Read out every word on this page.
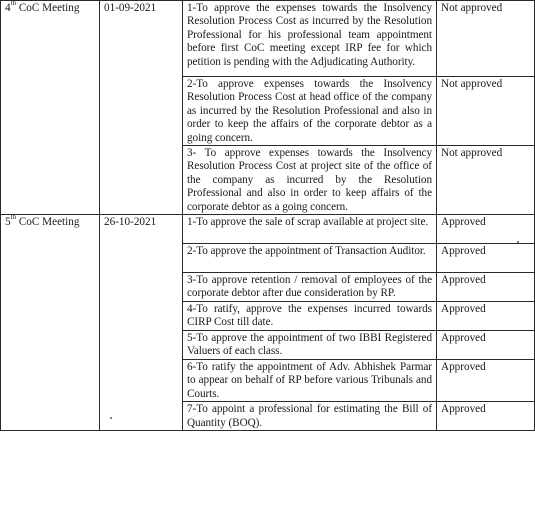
4th CoC Meeting	01-09-2021	1-To approve the expenses towards the Insolvency Resolution Process Cost as incurred by the Resolution Professional for his professional team appointment before first CoC meeting except IRP fee for which petition is pending with the Adjudicating Authority.	Not approved
		2-To approve expenses towards the Insolvency Resolution Process Cost at head office of the company as incurred by the Resolution Professional and also in order to keep the affairs of the corporate debtor as a going concern.	Not approved
		3- To approve expenses towards the Insolvency Resolution Process Cost at project site of the office of the company as incurred by the Resolution Professional and also in order to keep affairs of the corporate debtor as a going concern.	Not approved
5th CoC Meeting	26-10-2021	1-To approve the sale of scrap available at project site.	Approved
		2-To approve the appointment of Transaction Auditor.	Approved
		3-To approve retention / removal of employees of the corporate debtor after due consideration by RP.	Approved
		4-To ratify, approve the expenses incurred towards CIRP Cost till date.	Approved
		5-To approve the appointment of two IBBI Registered Valuers of each class.	Approved
		6-To ratify the appointment of Adv. Abhishek Parmar to appear on behalf of RP before various Tribunals and Courts.	Approved
		7-To appoint a professional for estimating the Bill of Quantity (BOQ).	Approved
